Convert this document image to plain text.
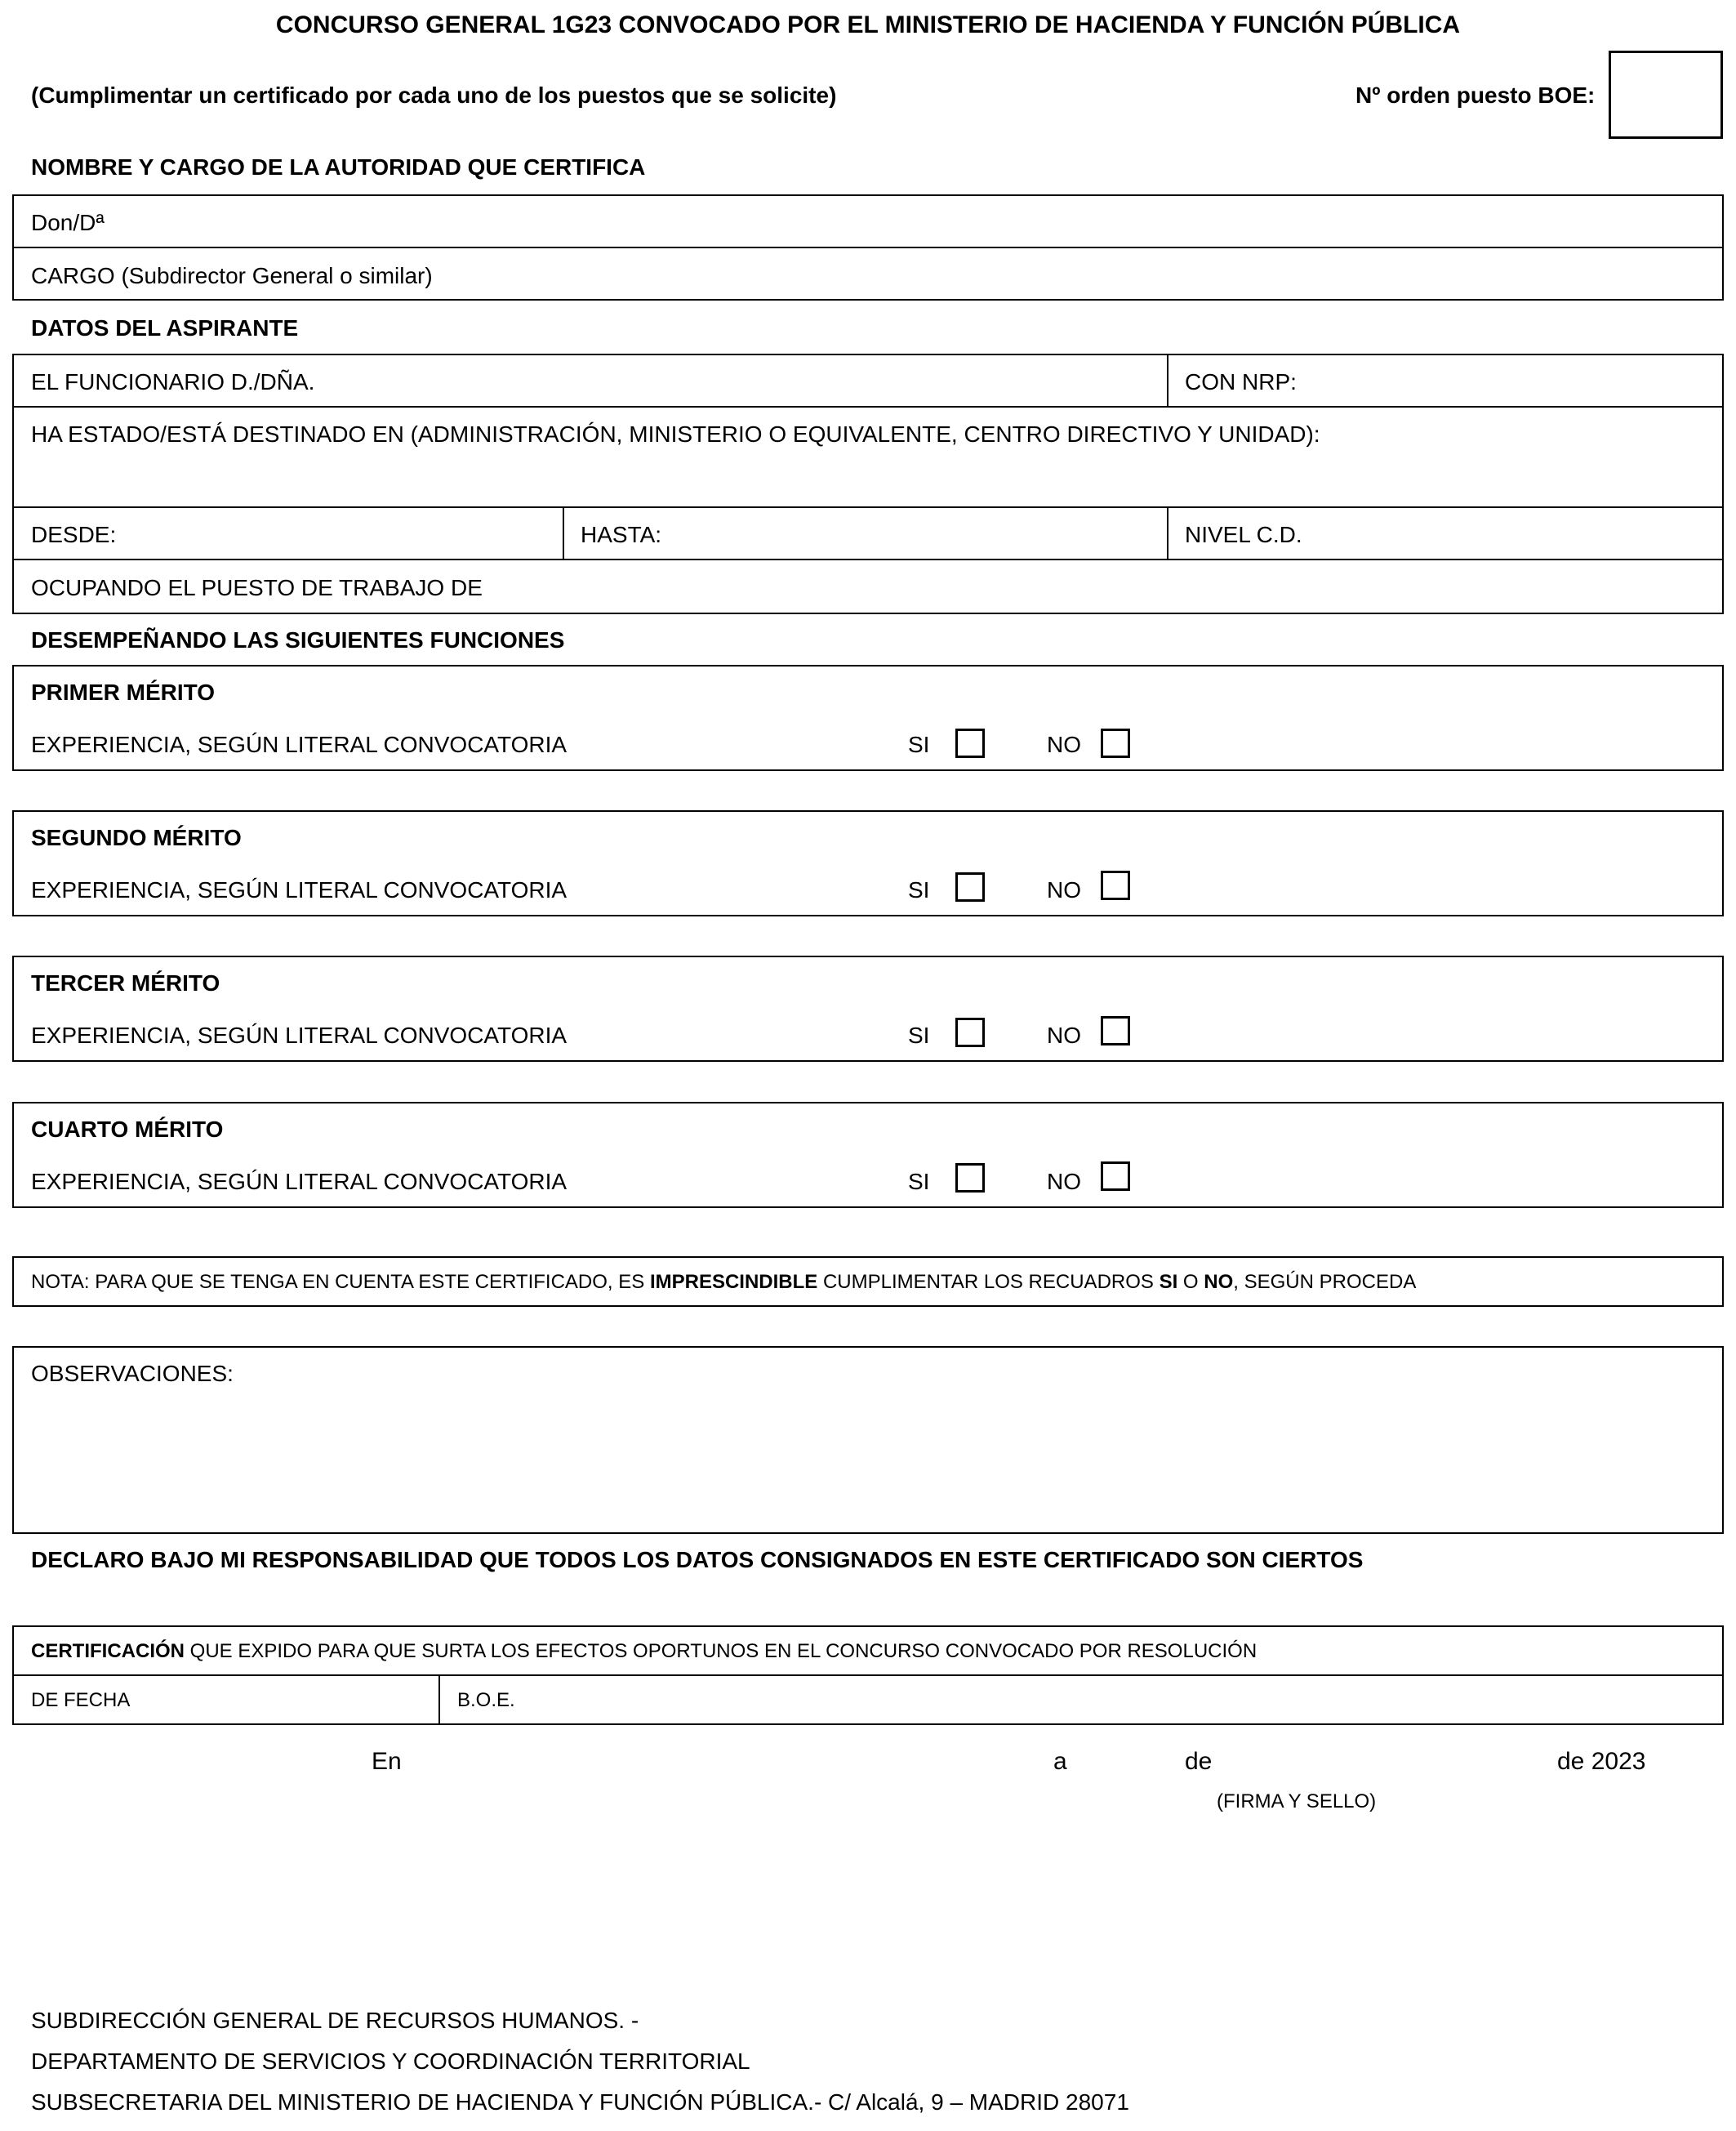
CONCURSO GENERAL 1G23 CONVOCADO POR EL MINISTERIO DE HACIENDA Y FUNCIÓN PÚBLICA
(Cumplimentar un certificado por cada uno de los puestos que se solicite)	Nº orden puesto BOE:
NOMBRE Y CARGO DE LA AUTORIDAD QUE CERTIFICA
Don/Dª
CARGO (Subdirector General o similar)
DATOS DEL ASPIRANTE
EL FUNCIONARIO D./DÑA.	CON NRP:
HA ESTADO/ESTÁ DESTINADO EN (ADMINISTRACIÓN, MINISTERIO O EQUIVALENTE, CENTRO DIRECTIVO Y UNIDAD):
DESDE:	HASTA:	NIVEL C.D.
OCUPANDO EL PUESTO DE TRABAJO DE
DESEMPEÑANDO LAS SIGUIENTES FUNCIONES
PRIMER MÉRITO
EXPERIENCIA, SEGÚN LITERAL CONVOCATORIA	SI	NO
SEGUNDO MÉRITO
EXPERIENCIA, SEGÚN LITERAL CONVOCATORIA	SI	NO
TERCER MÉRITO
EXPERIENCIA, SEGÚN LITERAL CONVOCATORIA	SI	NO
CUARTO MÉRITO
EXPERIENCIA, SEGÚN LITERAL CONVOCATORIA	SI	NO
NOTA: PARA QUE SE TENGA EN CUENTA ESTE CERTIFICADO, ES IMPRESCINDIBLE CUMPLIMENTAR LOS RECUADROS SI O NO, SEGÚN PROCEDA
OBSERVACIONES:
DECLARO BAJO MI RESPONSABILIDAD QUE TODOS LOS DATOS CONSIGNADOS EN ESTE CERTIFICADO SON CIERTOS
CERTIFICACIÓN QUE EXPIDO PARA QUE SURTA LOS EFECTOS OPORTUNOS EN EL CONCURSO CONVOCADO POR RESOLUCIÓN
DE FECHA	B.O.E.
En	a	de	de 2023
(FIRMA Y SELLO)
SUBDIRECCIÓN GENERAL DE RECURSOS HUMANOS. -
DEPARTAMENTO DE SERVICIOS Y COORDINACIÓN TERRITORIAL
SUBSECRETARIA DEL MINISTERIO DE HACIENDA Y FUNCIÓN PÚBLICA.- C/ Alcalá, 9 – MADRID 28071
